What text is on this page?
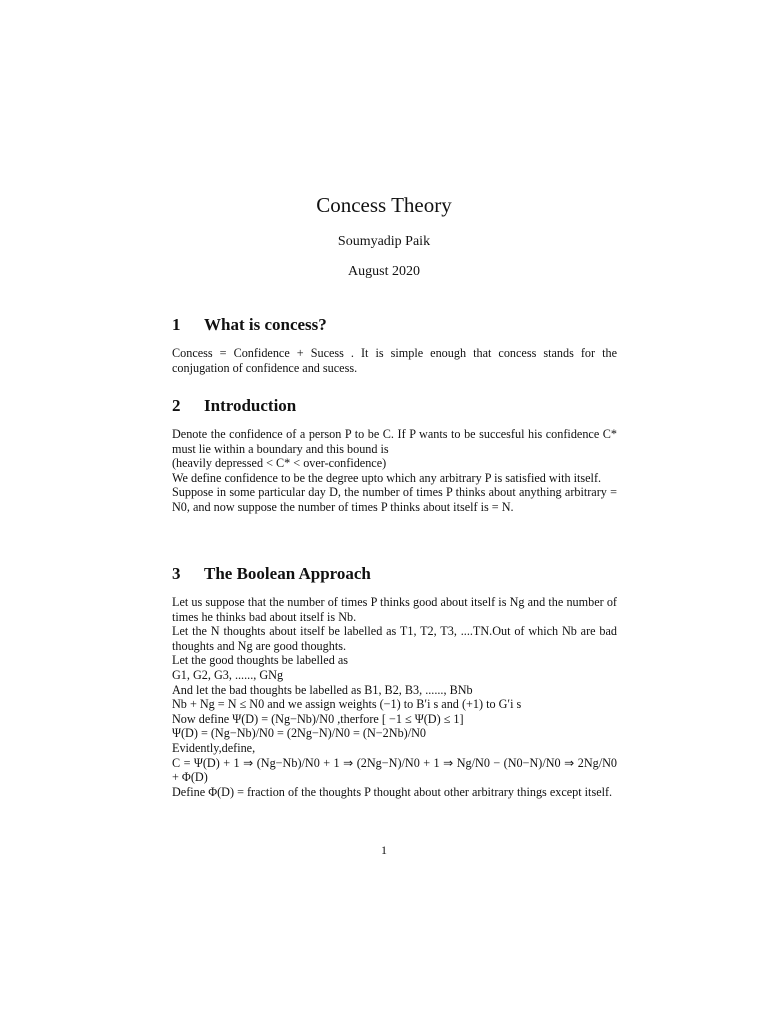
Concess Theory
Soumyadip Paik
August 2020
1 What is concess?

Concess = Confidence + Sucess . It is simple enough that concess stands for the conjugation of confidence and sucess.

2 Introduction

Denote the confidence of a person P to be C. If P wants to be succesful his confidence C* must lie within a boundary and this bound is

(heavily depressed < C* < over-confidence)

We define confidence to be the degree upto which any arbitrary P is satisfied with itself.

Suppose in some particular day D, the number of times P thinks about anything arbitrary = N0, and now suppose the number of times P thinks about itself is = N.

3 The Boolean Approach

Let us suppose that the number of times P thinks good about itself is Ng and the number of times he thinks bad about itself is Nb.

Let the N thoughts about itself be labelled as T1, T2, T3, ....TN.Out of which Nb are bad thoughts and Ng are good thoughts.

Let the good thoughts be labelled as

G1, G2, G3, ......, GNg

And let the bad thoughts be labelled as B1, B2, B3, ......, BNb

Nb + Ng = N ≤ N0 and we assign weights (−1) to B′i s and (+1) to G′i s

Now define Ψ(D) = (Ng−Nb)/N0 ,therfore [ −1 ≤ Ψ(D) ≤ 1]

Ψ(D) = (Ng−Nb)/N0 = (2Ng−N)/N0 = (N−2Nb)/N0

Evidently,define,

C = Ψ(D) + 1 ⇒ (Ng−Nb)/N0 + 1 ⇒ (2Ng−N)/N0 + 1 ⇒ Ng/N0 − (N0−N)/N0 ⇒ 2Ng/N0 + Φ(D)

Define Φ(D) = fraction of the thoughts P thought about other arbitrary things except itself.

1
